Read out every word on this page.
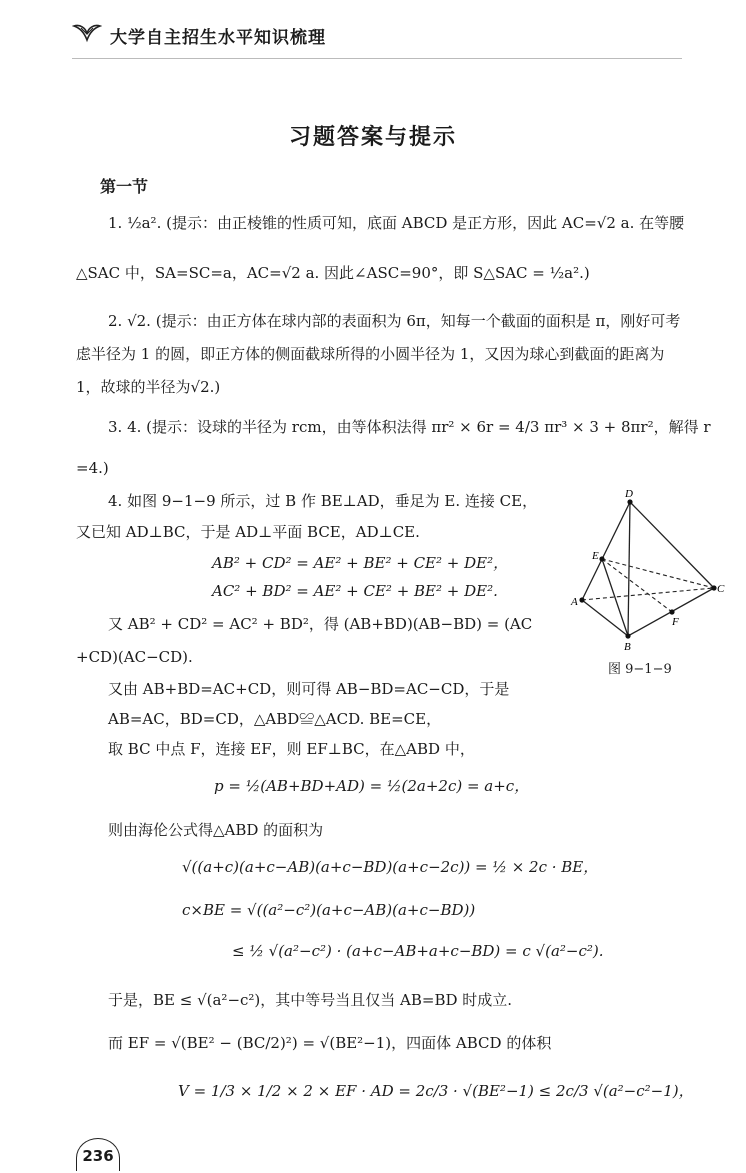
大学自主招生水平知识梳理
习题答案与提示
第一节
1. ½a². (提示：由正棱锥的性质可知，底面 ABCD 是正方形，因此 AC=√2 a. 在等腰
△SAC 中，SA=SC=a，AC=√2 a. 因此∠ASC=90°，即 S△SAC = ½a².)
2. √2. (提示：由正方体在球内部的表面积为 6π，知每一个截面的面积是 π，刚好可考
虑半径为 1 的圆，即正方体的侧面截球所得的小圆半径为 1，又因为球心到截面的距离为
1，故球的半径为√2.)
3. 4. (提示：设球的半径为 rcm，由等体积法得 πr² × 6r = 4/3 πr³ × 3 + 8πr²，解得 r
=4.)
4. 如图 9−1−9 所示，过 B 作 BE⊥AD，垂足为 E. 连接 CE，
又已知 AD⊥BC，于是 AD⊥平面 BCE，AD⊥CE.
AB² + CD² = AE² + BE² + CE² + DE²，
AC² + BD² = AE² + CE² + BE² + DE².
又 AB² + CD² = AC² + BD²，得 (AB+BD)(AB−BD) = (AC
+CD)(AC−CD).
又由 AB+BD=AC+CD，则可得 AB−BD=AC−CD，于是
AB=AC，BD=CD，△ABD≌△ACD. BE=CE，
取 BC 中点 F，连接 EF，则 EF⊥BC，在△ABD 中，
p = ½(AB+BD+AD) = ½(2a+2c) = a+c，
则由海伦公式得△ABD 的面积为
√((a+c)(a+c−AB)(a+c−BD)(a+c−2c)) = ½ × 2c · BE，
c×BE = √((a²−c²)(a+c−AB)(a+c−BD))
≤ ½ √(a²−c²) · (a+c−AB+a+c−BD) = c √(a²−c²).
于是，BE ≤ √(a²−c²)，其中等号当且仅当 AB=BD 时成立.
而 EF = √(BE² − (BC/2)²) = √(BE²−1)，四面体 ABCD 的体积
V = 1/3 × 1/2 × 2 × EF · AD = 2c/3 · √(BE²−1) ≤ 2c/3 √(a²−c²−1)，
D
E
A
C
F
B
图 9−1−9
236
